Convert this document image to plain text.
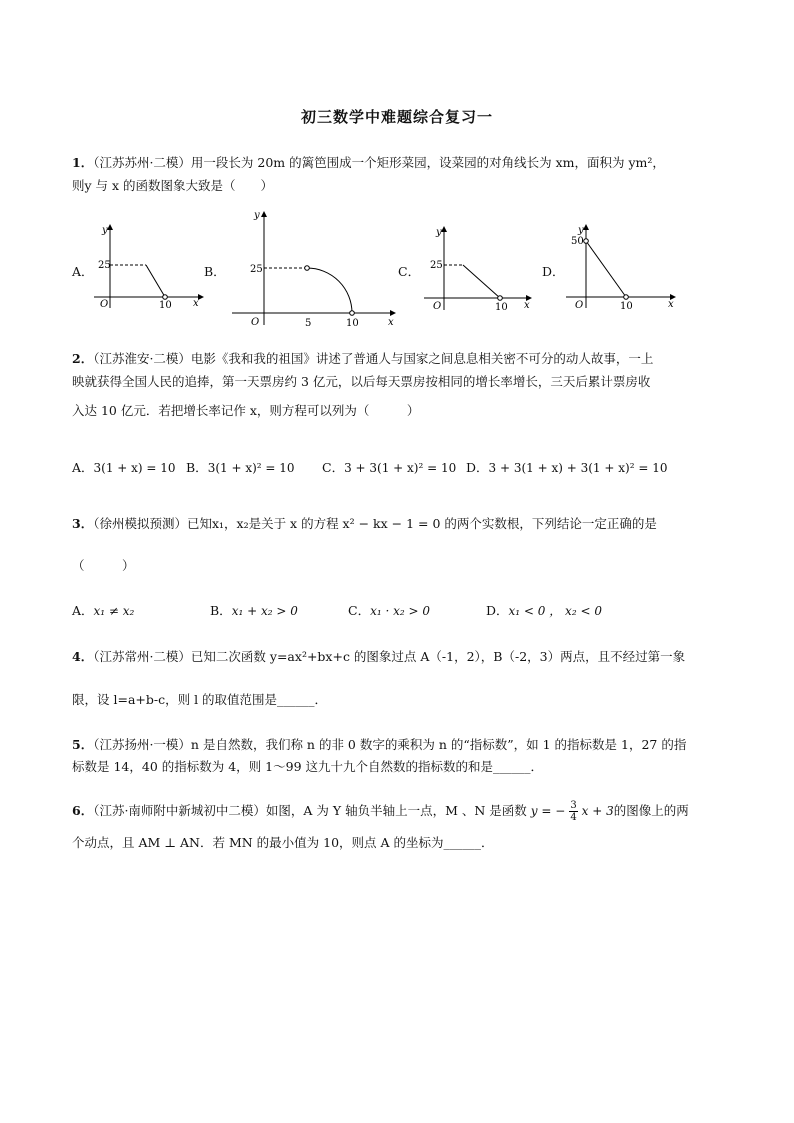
初三数学中难题综合复习一
1．（江苏苏州·二模）用一段长为 20m 的篱笆围成一个矩形菜园，设菜园的对角线长为 xm，面积为 ym²，
则y 与 x 的函数图象大致是（　　）
A．	B．	C．	D．
25
10
O	x
y
25
5	10
O	x
y
25
10
O	x
y
50
10
O	x
y
2．（江苏淮安·二模）电影《我和我的祖国》讲述了普通人与国家之间息息相关密不可分的动人故事，一上
映就获得全国人民的追捧，第一天票房约 3 亿元，以后每天票房按相同的增长率增长，三天后累计票房收
入达 10 亿元．若把增长率记作 x，则方程可以列为（　　　）
A．3(1 + x) = 10 B．3(1 + x)² = 10 C．3 + 3(1 + x)² = 10 D．3 + 3(1 + x) + 3(1 + x)² = 10
3．（徐州模拟预测）已知x₁，x₂是关于 x 的方程 x² − kx − 1 = 0 的两个实数根，下列结论一定正确的是
（　　　）
A．x₁ ≠ x₂	B．x₁ + x₂ > 0	C．x₁ · x₂ > 0	D．x₁ < 0 ， x₂ < 0
4．（江苏常州·二模）已知二次函数 y=ax²+bx+c 的图象过点 A（-1，2），B（-2，3）两点，且不经过第一象
限，设 l=a+b-c，则 l 的取值范围是______．
5．（江苏扬州·一模）n 是自然数，我们称 n 的非 0 数字的乘积为 n 的“指标数”，如 1 的指标数是 1，27 的指
标数是 14，40 的指标数为 4，则 1～99 这九十九个自然数的指标数的和是______．
6．（江苏·南师附中新城初中二模）如图，A 为 Y 轴负半轴上一点，M 、N 是函数 y = − $\frac{3}{4}$ x + 3的图像上的两
个动点，且 AM ⊥ AN．若 MN 的最小值为 10，则点 A 的坐标为______．
